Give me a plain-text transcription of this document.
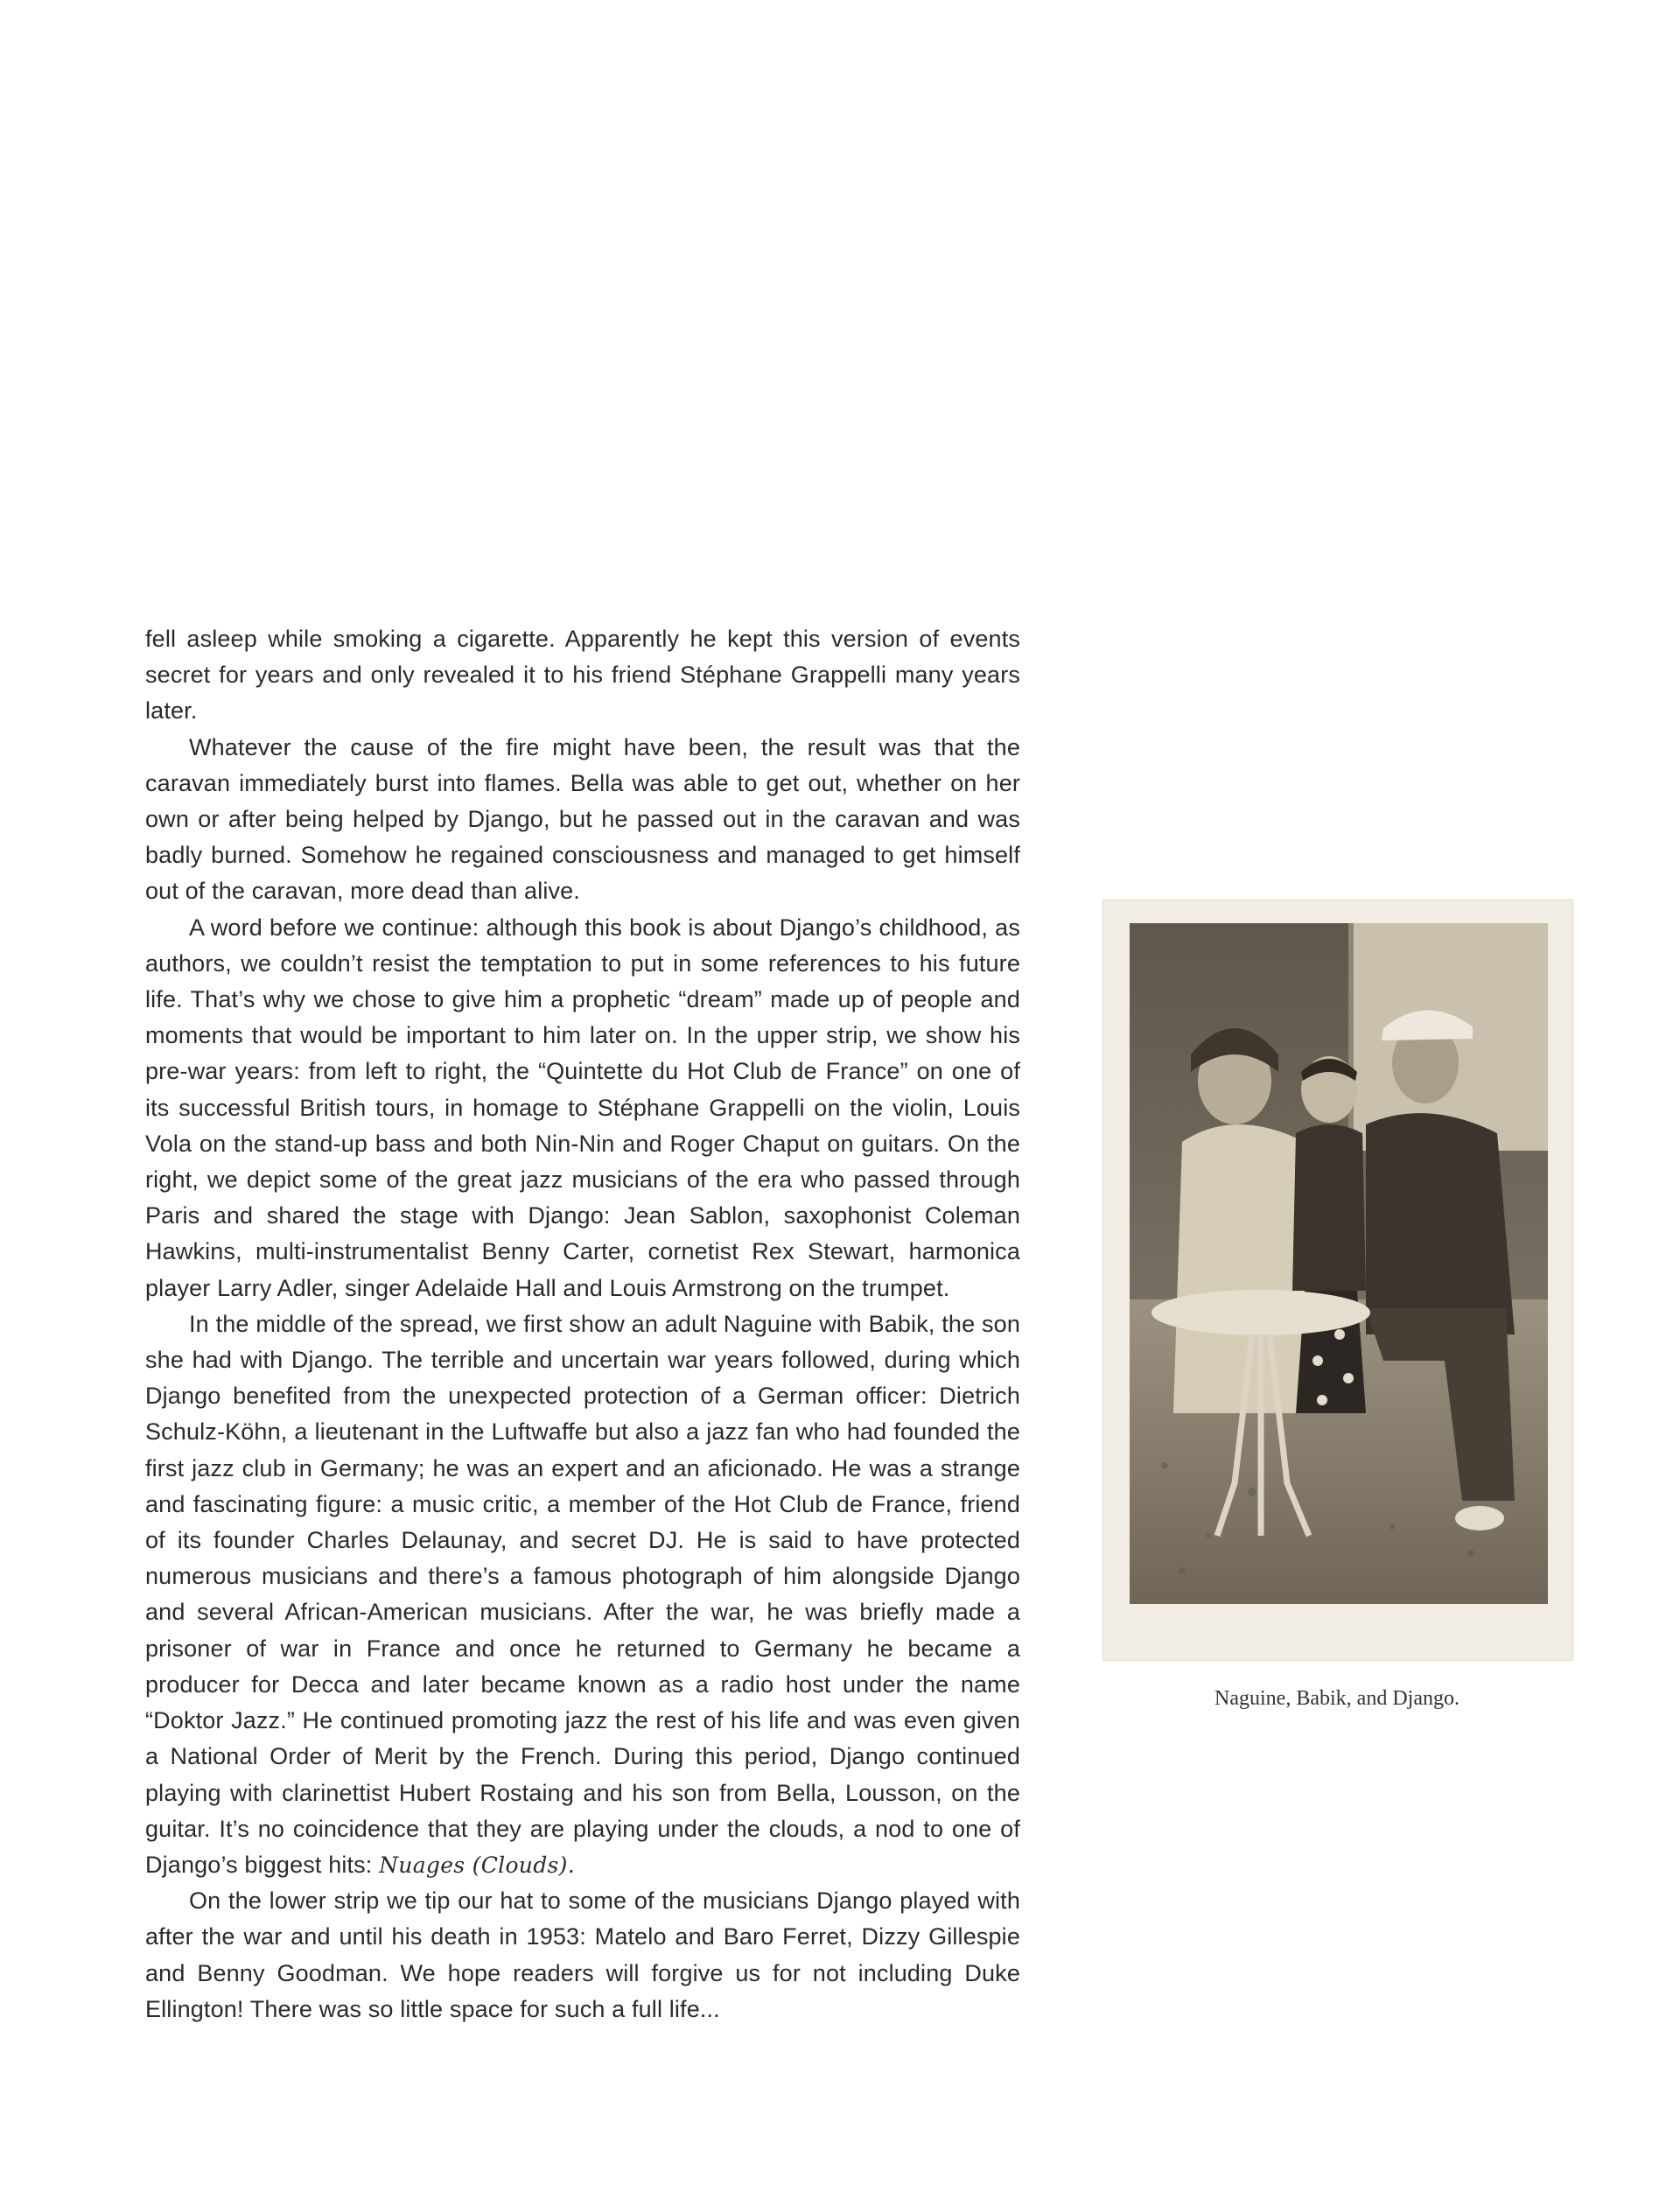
fell asleep while smoking a cigarette. Apparently he kept this version of events secret for years and only revealed it to his friend Stéphane Grappelli many years later.

Whatever the cause of the fire might have been, the result was that the caravan immediately burst into flames. Bella was able to get out, whether on her own or after being helped by Django, but he passed out in the caravan and was badly burned. Somehow he regained consciousness and managed to get himself out of the caravan, more dead than alive.

A word before we continue: although this book is about Django’s childhood, as authors, we couldn’t resist the temptation to put in some references to his future life. That’s why we chose to give him a prophetic “dream” made up of people and moments that would be important to him later on. In the upper strip, we show his pre-war years: from left to right, the “Quintette du Hot Club de France” on one of its successful British tours, in homage to Stéphane Grappelli on the violin, Louis Vola on the stand-up bass and both Nin-Nin and Roger Chaput on guitars. On the right, we depict some of the great jazz musicians of the era who passed through Paris and shared the stage with Django: Jean Sablon, saxophonist Coleman Hawkins, multi-instrumentalist Benny Carter, cornetist Rex Stewart, harmonica player Larry Adler, singer Adelaide Hall and Louis Armstrong on the trumpet.

In the middle of the spread, we first show an adult Naguine with Babik, the son she had with Django. The terrible and uncertain war years followed, during which Django benefited from the unexpected protection of a German officer: Dietrich Schulz-Köhn, a lieutenant in the Luftwaffe but also a jazz fan who had founded the first jazz club in Germany; he was an expert and an aficionado. He was a strange and fascinating figure: a music critic, a member of the Hot Club de France, friend of its founder Charles Delaunay, and secret DJ. He is said to have protected numerous musicians and there’s a famous photograph of him alongside Django and several African-American musicians. After the war, he was briefly made a prisoner of war in France and once he returned to Germany he became a producer for Decca and later became known as a radio host under the name “Doktor Jazz.” He continued promoting jazz the rest of his life and was even given a National Order of Merit by the French. During this period, Django continued playing with clarinettist Hubert Rostaing and his son from Bella, Lousson, on the guitar. It’s no coincidence that they are playing under the clouds, a nod to one of Django’s biggest hits: Nuages (Clouds).

On the lower strip we tip our hat to some of the musicians Django played with after the war and until his death in 1953: Matelo and Baro Ferret, Dizzy Gillespie and Benny Goodman. We hope readers will forgive us for not including Duke Ellington! There was so little space for such a full life...

Naguine, Babik, and Django.
